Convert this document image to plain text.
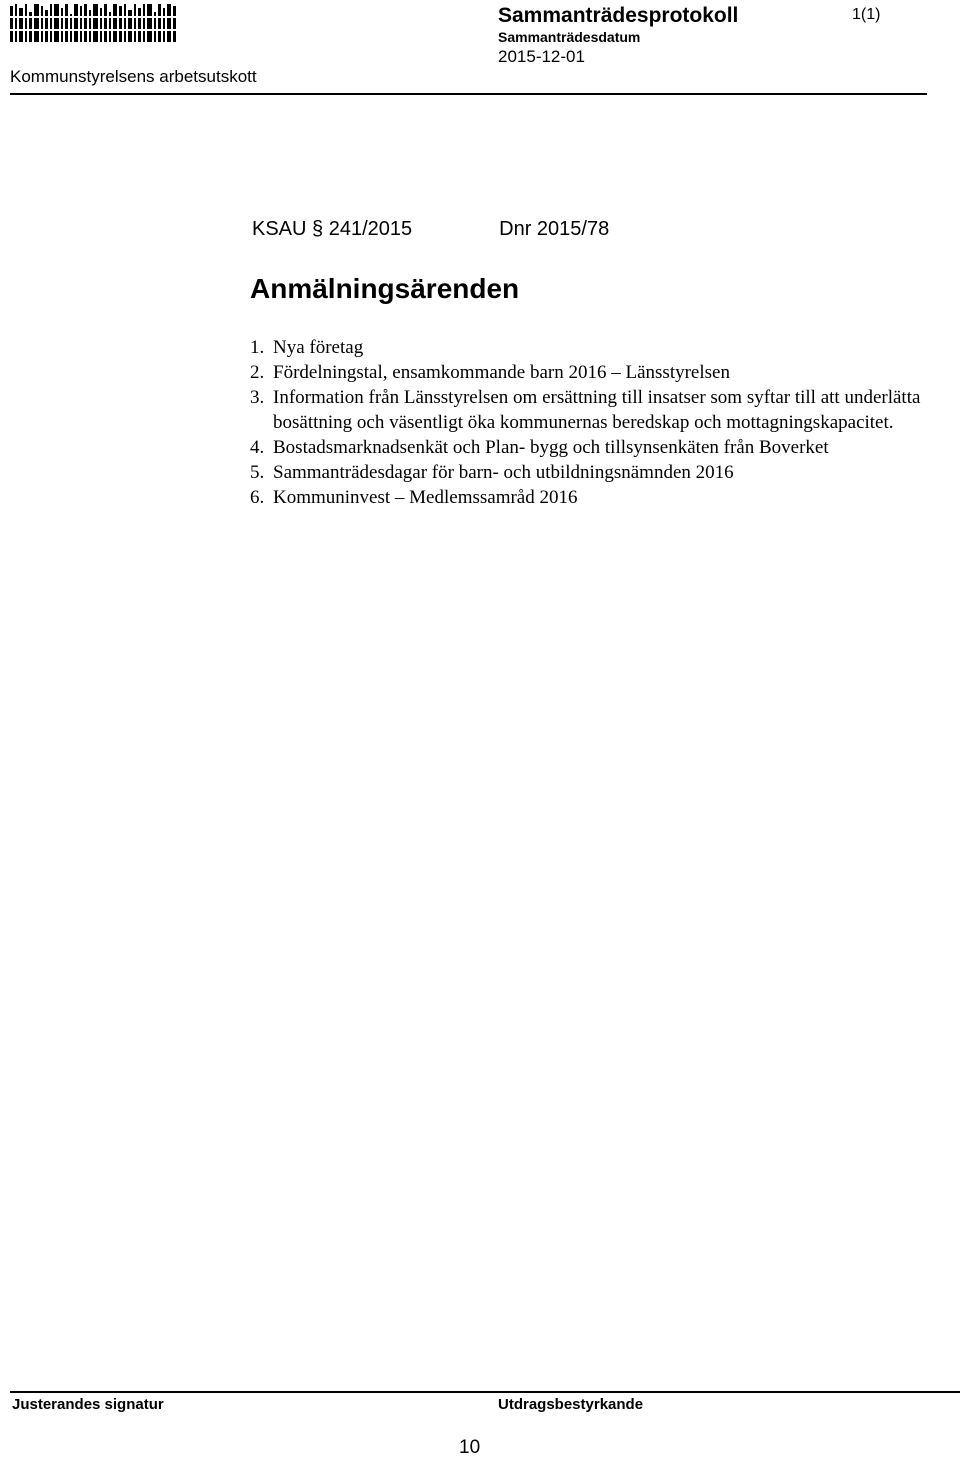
Sammanträdesprotokoll	1(1)
Sammanträdesdatum
2015-12-01
Kommunstyrelsens arbetsutskott
KSAU § 241/2015	Dnr 2015/78
Anmälningsärenden
1. Nya företag
2. Fördelningstal, ensamkommande barn 2016 – Länsstyrelsen
3. Information från Länsstyrelsen om ersättning till insatser som syftar till att underlätta bosättning och väsentligt öka kommunernas beredskap och mottagningskapacitet.
4. Bostadsmarknadsenkät och Plan- bygg och tillsynsenkäten från Boverket
5. Sammanträdesdagar för barn- och utbildningsnämnden 2016
6. Kommuninvest – Medlemssamråd 2016
Justerandes signatur	Utdragsbestyrkande
10
